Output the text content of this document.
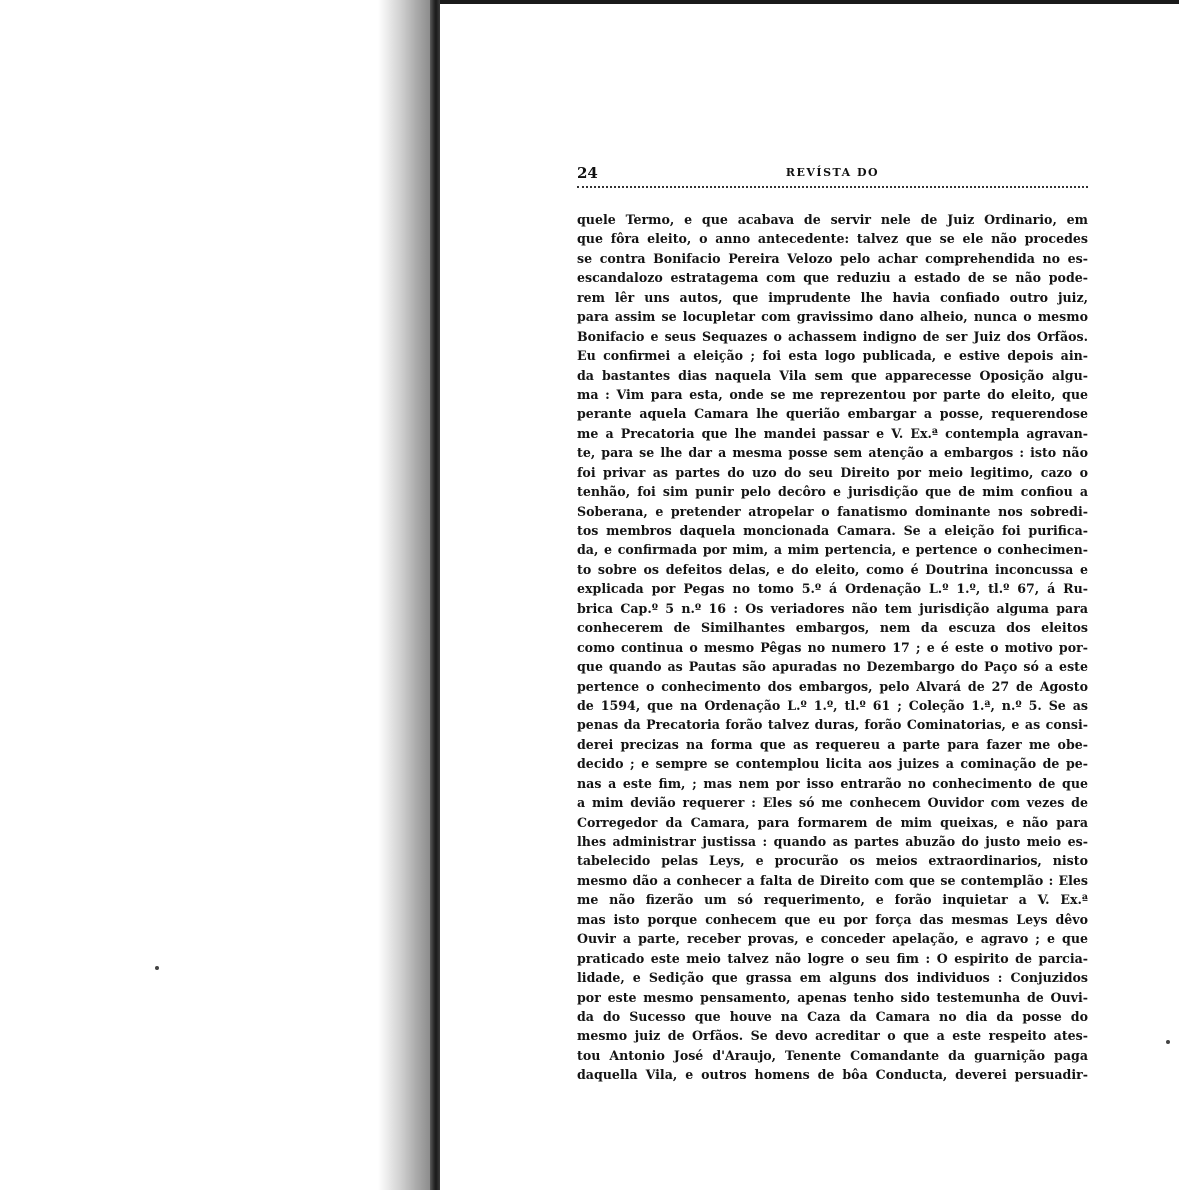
24	REVÍSTA DO
quele Termo, e que acabava de servir nele de Juiz Ordinario, em
que fôra eleito, o anno antecedente: talvez que se ele não procedes
se contra Bonifacio Pereira Velozo pelo achar comprehendida no es-
escandalozo estratagema com que reduziu a estado de se não pode-
rem lêr uns autos, que imprudente lhe havia confiado outro juiz,
para assim se locupletar com gravissimo dano alheio, nunca o mesmo
Bonifacio e seus Sequazes o achassem indigno de ser Juiz dos Orfãos.
Eu confirmei a eleição ; foi esta logo publicada, e estive depois ain-
da bastantes dias naquela Vila sem que apparecesse Oposição algu-
ma : Vim para esta, onde se me reprezentou por parte do eleito, que
perante aquela Camara lhe querião embargar a posse, requerendose
me a Precatoria que lhe mandei passar e V. Ex.ª contempla agravan-
te, para se lhe dar a mesma posse sem atenção a embargos : isto não
foi privar as partes do uzo do seu Direito por meio legitimo, cazo o
tenhão, foi sim punir pelo decôro e jurisdição que de mim confiou a
Soberana, e pretender atropelar o fanatismo dominante nos sobredi-
tos membros daquela moncionada Camara. Se a eleição foi purifica-
da, e confirmada por mim, a mim pertencia, e pertence o conhecimen-
to sobre os defeitos delas, e do eleito, como é Doutrina inconcussa e
explicada por Pegas no tomo 5.º á Ordenação L.º 1.º, tl.º 67, á Ru-
brica Cap.º 5 n.º 16 : Os veriadores não tem jurisdição alguma para
conhecerem de Similhantes embargos, nem da escuza dos eleitos
como continua o mesmo Pêgas no numero 17 ; e é este o motivo por-
que quando as Pautas são apuradas no Dezembargo do Paço só a este
pertence o conhecimento dos embargos, pelo Alvará de 27 de Agosto
de 1594, que na Ordenação L.º 1.º, tl.º 61 ; Coleção 1.ª, n.º 5. Se as
penas da Precatoria forão talvez duras, forão Cominatorias, e as consi-
derei precizas na forma que as requereu a parte para fazer me obe-
decido ; e sempre se contemplou licita aos juizes a cominação de pe-
nas a este fim, ; mas nem por isso entrarão no conhecimento de que
a mim devião requerer : Eles só me conhecem Ouvidor com vezes de
Corregedor da Camara, para formarem de mim queixas, e não para
lhes administrar justissa : quando as partes abuzão do justo meio es-
tabelecido pelas Leys, e procurão os meios extraordinarios, nisto
mesmo dão a conhecer a falta de Direito com que se contemplão : Eles
me não fizerão um só requerimento, e forão inquietar a V. Ex.ª
mas isto porque conhecem que eu por força das mesmas Leys dêvo
Ouvir a parte, receber provas, e conceder apelação, e agravo ; e que
praticado este meio talvez não logre o seu fim : O espirito de parcia-
lidade, e Sedição que grassa em alguns dos individuos : Conjuzidos
por este mesmo pensamento, apenas tenho sido testemunha de Ouvi-
da do Sucesso que houve na Caza da Camara no dia da posse do
mesmo juiz de Orfãos. Se devo acreditar o que a este respeito ates-
tou Antonio José d'Araujo, Tenente Comandante da guarnição paga
daquella Vila, e outros homens de bôa Conducta, deverei persuadir-
